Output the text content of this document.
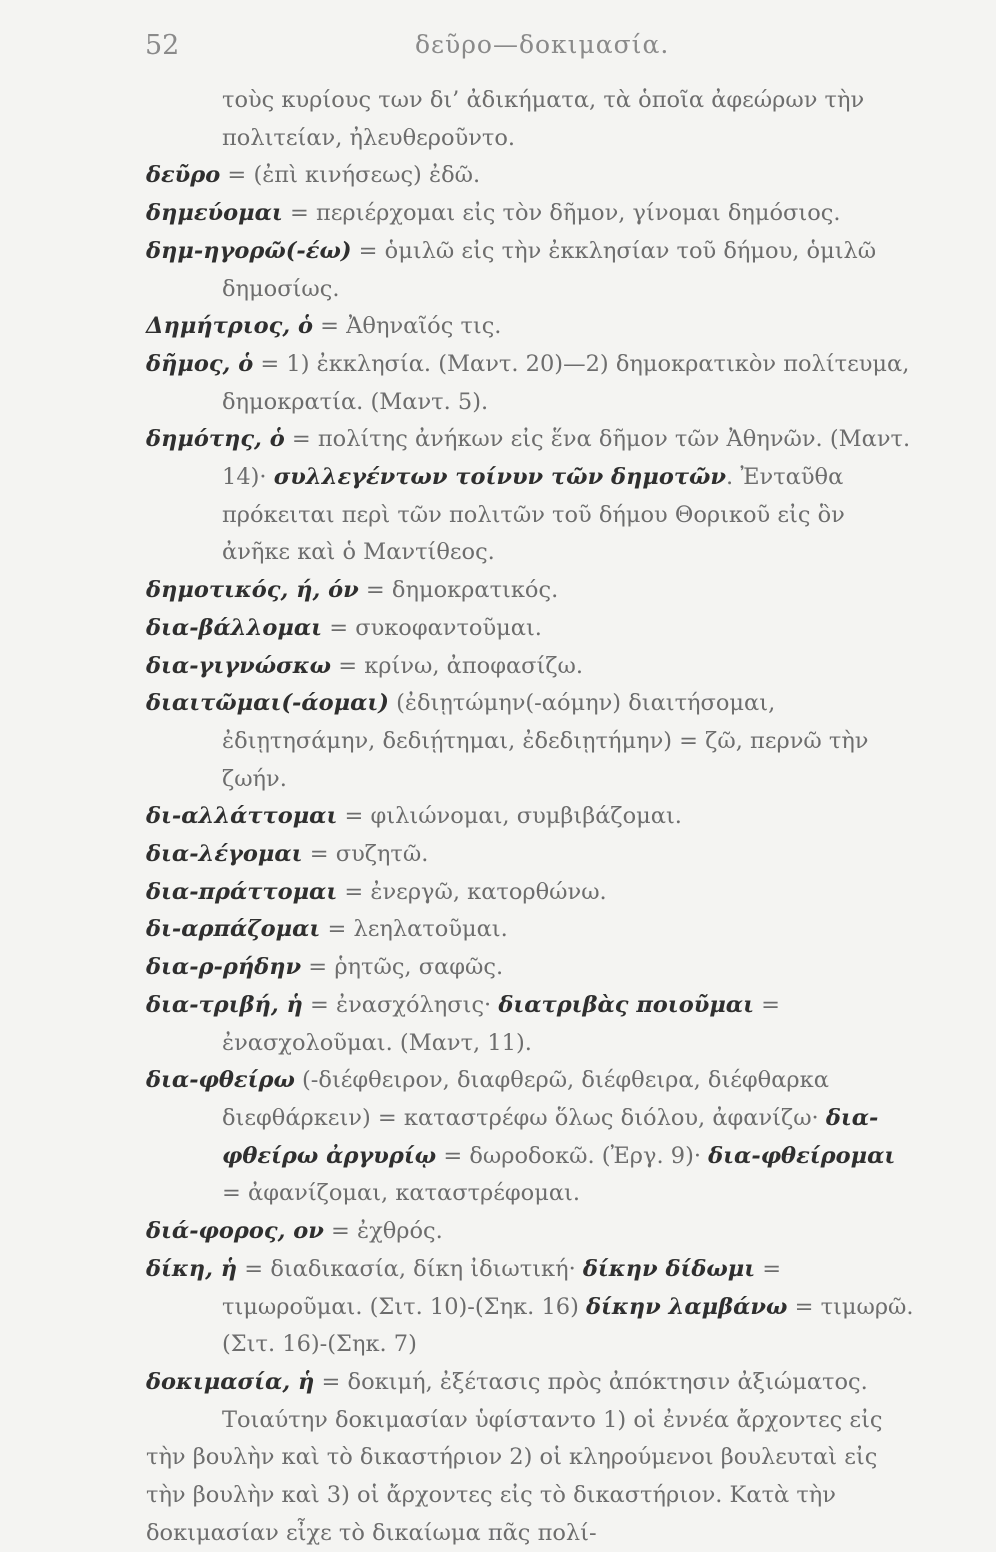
52	δεῦρο—δοκιμασία.

τοὺς κυρίους των δι’ ἀδικήματα, τὰ ὁποῖα ἀφεώρων τὴν πολιτείαν, ἠλευθεροῦντο.

δεῦρο = (ἐπὶ κινήσεως) ἐδῶ.

δημεύομαι = περιέρχομαι εἰς τὸν δῆμον, γίνομαι δημόσιος.

δημ-ηγορῶ(-έω) = ὁμιλῶ εἰς τὴν ἐκκλησίαν τοῦ δήμου, ὁμιλῶ δημοσίως.

Δημήτριος, ὁ = Ἀθηναῖός τις.

δῆμος, ὁ = 1) ἐκκλησία. (Μαντ. 20)—2) δημοκρατικὸν πολίτευμα, δημοκρατία. (Μαντ. 5).

δημότης, ὁ = πολίτης ἀνήκων εἰς ἕνα δῆμον τῶν Ἀθηνῶν. (Μαντ. 14)· συλλεγέντων τοίνυν τῶν δημοτῶν. Ἐνταῦθα πρόκειται περὶ τῶν πολιτῶν τοῦ δήμου Θορικοῦ εἰς ὃν ἀνῆκε καὶ ὁ Μαντίθεος.

δημοτικός, ή, όν = δημοκρατικός.

δια-βάλλομαι = συκοφαντοῦμαι.

δια-γιγνώσκω = κρίνω, ἀποφασίζω.

διαιτῶμαι(-άομαι) (ἐδιῃτώμην(-αόμην) διαιτήσομαι, ἐδιῃτησάμην, δεδιῄτημαι, ἐδεδιῃτήμην) = ζῶ, περνῶ τὴν ζωήν.

δι-αλλάττομαι = φιλιώνομαι, συμβιβάζομαι.

δια-λέγομαι = συζητῶ.

δια-πράττομαι = ἐνεργῶ, κατορθώνω.

δι-αρπάζομαι = λεηλατοῦμαι.

δια-ρ-ρήδην = ῥητῶς, σαφῶς.

δια-τριβή, ἡ = ἐνασχόλησις· διατριβὰς ποιοῦμαι = ἐνασχολοῦμαι. (Μαντ, 11).

δια-φθείρω (-διέφθειρον, διαφθερῶ, διέφθειρα, διέφθαρκα διεφθάρκειν) = καταστρέφω ὅλως διόλου, ἀφανίζω· δια-φθείρω ἀργυρίῳ = δωροδοκῶ. (Ἐργ. 9)· δια-φθείρομαι = ἀφανίζομαι, καταστρέφομαι.

διά-φορος, ον = ἐχθρός.

δίκη, ἡ = διαδικασία, δίκη ἰδιωτική· δίκην δίδωμι = τιμωροῦμαι. (Σιτ. 10)-(Σηκ. 16) δίκην λαμβάνω = τιμωρῶ. (Σιτ. 16)-(Σηκ. 7)

δοκιμασία, ἡ = δοκιμή, ἐξέτασις πρὸς ἀπόκτησιν ἀξιώματος.

Τοιαύτην δοκιμασίαν ὑφίσταντο 1) οἱ ἐννέα ἄρχοντες εἰς τὴν βουλὴν καὶ τὸ δικαστήριον 2) οἱ κληρούμενοι βουλευταὶ εἰς τὴν βουλὴν καὶ 3) οἱ ἄρχοντες εἰς τὸ δικαστήριον. Κατὰ τὴν δοκιμασίαν εἶχε τὸ δικαίωμα πᾶς πολί-
